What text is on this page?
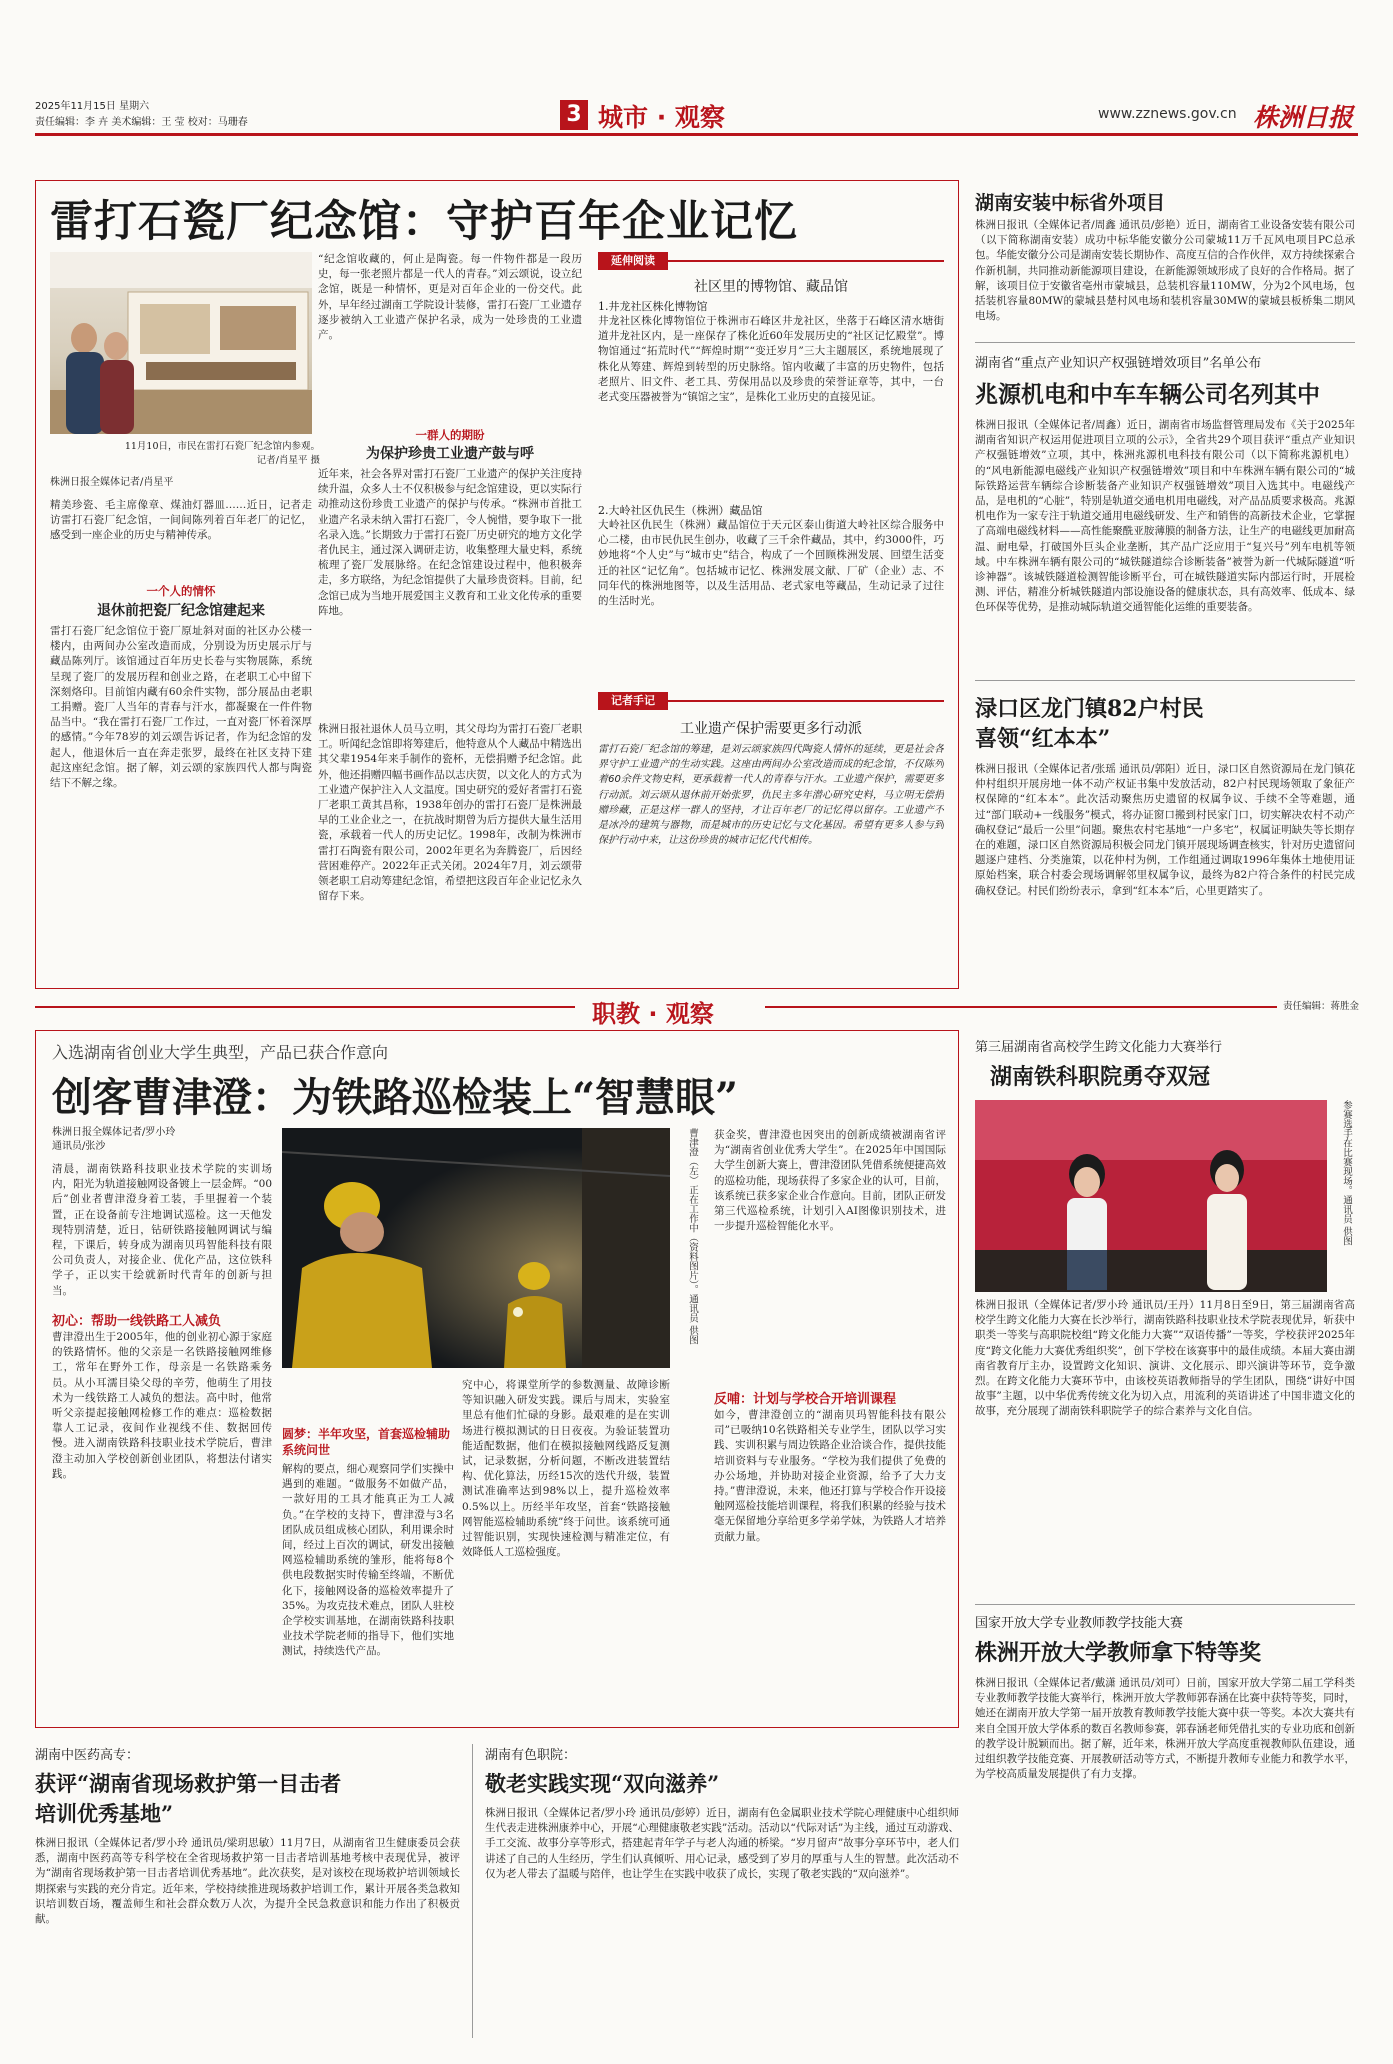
2025年11月15日 星期六
责任编辑：李 卉 美术编辑：王 莹 校对：马珊春	3 城市 · 观察	www.zznews.gov.cn 株洲日报
雷打石瓷厂纪念馆：守护百年企业记忆
11月10日，市民在雷打石瓷厂纪念馆内参观。
记者/肖星平 摄
株洲日报全媒体记者/肖星平
精美珍瓷、毛主席像章、煤油灯器皿……近日，记者走访雷打石瓷厂纪念馆，一间间陈列着百年老厂的记忆，感受到一座企业的历史与精神传承。
一个人的情怀
退休前把瓷厂纪念馆建起来
雷打石瓷厂纪念馆位于瓷厂原址斜对面的社区办公楼一楼内，由两间办公室改造而成，分别设为历史展示厅与藏品陈列厅。该馆通过百年历史长卷与实物展陈，系统呈现了瓷厂的发展历程和创业之路，在老职工心中留下深刻烙印。目前馆内藏有60余件实物，部分展品由老职工捐赠。瓷厂人当年的青春与汗水，都凝聚在一件件物品当中。“我在雷打石瓷厂工作过，一直对瓷厂怀着深厚的感情。”今年78岁的刘云颂告诉记者，作为纪念馆的发起人，他退休后一直在奔走张罗，最终在社区支持下建起这座纪念馆。据了解，刘云颂的家族四代人都与陶瓷结下不解之缘。
“纪念馆收藏的，何止是陶瓷。每一件物件都是一段历史，每一张老照片都是一代人的青春。”刘云颂说，设立纪念馆，既是一种情怀，更是对百年企业的一份交代。此外，早年经过湖南工学院设计装修，雷打石瓷厂工业遗存逐步被纳入工业遗产保护名录，成为一处珍贵的工业遗产。
一群人的期盼
为保护珍贵工业遗产鼓与呼
近年来，社会各界对雷打石瓷厂工业遗产的保护关注度持续升温，众多人士不仅积极参与纪念馆建设，更以实际行动推动这份珍贵工业遗产的保护与传承。“株洲市首批工业遗产名录未纳入雷打石瓷厂，令人惋惜，要争取下一批名录入选。”长期致力于雷打石瓷厂历史研究的地方文化学者仇民主，通过深入调研走访，收集整理大量史料，系统梳理了瓷厂发展脉络。在纪念馆建设过程中，他积极奔走，多方联络，为纪念馆提供了大量珍贵资料。目前，纪念馆已成为当地开展爱国主义教育和工业文化传承的重要阵地。
株洲日报社退休人员马立明，其父母均为雷打石瓷厂老职工。听闻纪念馆即将筹建后，他特意从个人藏品中精选出其父辈1954年来手制作的瓷杯，无偿捐赠予纪念馆。此外，他还捐赠四幅书画作品以志庆贺，以文化人的方式为工业遗产保护注入人文温度。国史研究的爱好者雷打石瓷厂老职工黄其昌称，1938年创办的雷打石瓷厂是株洲最早的工业企业之一，在抗战时期曾为后方提供大量生活用瓷，承载着一代人的历史记忆。1998年，改制为株洲市雷打石陶瓷有限公司，2002年更名为奔腾瓷厂，后因经营困难停产。2022年正式关闭。2024年7月，刘云颂带领老职工启动筹建纪念馆，希望把这段百年企业记忆永久留存下来。
延伸阅读
社区里的博物馆、藏品馆
1.井龙社区株化博物馆
井龙社区株化博物馆位于株洲市石峰区井龙社区，坐落于石峰区清水塘街道井龙社区内，是一座保存了株化近60年发展历史的“社区记忆殿堂”。博物馆通过“拓荒时代”“辉煌时期”“变迁岁月”三大主题展区，系统地展现了株化从筹建、辉煌到转型的历史脉络。馆内收藏了丰富的历史物件，包括老照片、旧文件、老工具、劳保用品以及珍贵的荣誉证章等，其中，一台老式变压器被誉为“镇馆之宝”，是株化工业历史的直接见证。
2.大岭社区仇民生（株洲）藏品馆
大岭社区仇民生（株洲）藏品馆位于天元区泰山街道大岭社区综合服务中心二楼，由市民仇民生创办，收藏了三千余件藏品，其中，约3000件，巧妙地将“个人史”与“城市史”结合，构成了一个回顾株洲发展、回望生活变迁的社区“记忆角”。包括城市记忆、株洲发展文献、厂矿（企业）志、不同年代的株洲地图等，以及生活用品、老式家电等藏品，生动记录了过往的生活时光。
记者手记
工业遗产保护需要更多行动派
雷打石瓷厂纪念馆的筹建，是刘云颂家族四代陶瓷人情怀的延续，更是社会各界守护工业遗产的生动实践。这座由两间办公室改造而成的纪念馆，不仅陈列着60余件文物史料，更承载着一代人的青春与汗水。工业遗产保护，需要更多行动派。刘云颂从退休前开始张罗，仇民主多年潜心研究史料，马立明无偿捐赠珍藏，正是这样一群人的坚持，才让百年老厂的记忆得以留存。工业遗产不是冰冷的建筑与器物，而是城市的历史记忆与文化基因。希望有更多人参与到保护行动中来，让这份珍贵的城市记忆代代相传。
湖南安装中标省外项目
株洲日报讯（全媒体记者/周鑫 通讯员/彭艳）近日，湖南省工业设备安装有限公司（以下简称湖南安装）成功中标华能安徽分公司蒙城11万千瓦风电项目PC总承包。华能安徽分公司是湖南安装长期协作、高度互信的合作伙伴，双方持续探索合作新机制，共同推动新能源项目建设，在新能源领域形成了良好的合作格局。据了解，该项目位于安徽省亳州市蒙城县，总装机容量110MW，分为2个风电场，包括装机容量80MW的蒙城县楚村风电场和装机容量30MW的蒙城县板桥集二期风电场。
湖南省“重点产业知识产权强链增效项目”名单公布
兆源机电和中车车辆公司名列其中
株洲日报讯（全媒体记者/周鑫）近日，湖南省市场监督管理局发布《关于2025年湖南省知识产权运用促进项目立项的公示》，全省共29个项目获评“重点产业知识产权强链增效”立项，其中，株洲兆源机电科技有限公司（以下简称兆源机电）的“风电新能源电磁线产业知识产权强链增效”项目和中车株洲车辆有限公司的“城际铁路运营车辆综合诊断装备产业知识产权强链增效”项目入选其中。电磁线产品，是电机的“心脏”，特别是轨道交通电机用电磁线，对产品品质要求极高。兆源机电作为一家专注于轨道交通用电磁线研发、生产和销售的高新技术企业，它掌握了高端电磁线材料——高性能聚酰亚胺薄膜的制备方法，让生产的电磁线更加耐高温、耐电晕，打破国外巨头企业垄断，其产品广泛应用于“复兴号”列车电机等领域。中车株洲车辆有限公司的“城铁隧道综合诊断装备”被誉为新一代城际隧道“听诊神器”。该城铁隧道检测智能诊断平台，可在城铁隧道实际内部运行时，开展检测、评估，精准分析城铁隧道内部设施设备的健康状态，具有高效率、低成本、绿色环保等优势，是推动城际轨道交通智能化运维的重要装备。
渌口区龙门镇82户村民
喜领“红本本”
株洲日报讯（全媒体记者/张瑶 通讯员/郭阳）近日，渌口区自然资源局在龙门镇花仲村组织开展房地一体不动产权证书集中发放活动，82户村民现场领取了象征产权保障的“红本本”。此次活动聚焦历史遗留的权属争议、手续不全等难题，通过“部门联动+一线服务”模式，将办证窗口搬到村民家门口，切实解决农村不动产确权登记“最后一公里”问题。聚焦农村宅基地“一户多宅”，权属证明缺失等长期存在的难题，渌口区自然资源局积极会同龙门镇开展现场调查核实，针对历史遗留问题逐户建档、分类施策，以花仲村为例，工作组通过调取1996年集体土地使用证原始档案，联合村委会现场调解邻里权属争议，最终为82户符合条件的村民完成确权登记。村民们纷纷表示，拿到“红本本”后，心里更踏实了。
职教 · 观察	责任编辑：蒋胜金
入选湖南省创业大学生典型，产品已获合作意向
创客曹津澄：为铁路巡检装上“智慧眼”
株洲日报全媒体记者/罗小玲
通讯员/张沙
清晨，湖南铁路科技职业技术学院的实训场内，阳光为轨道接触网设备镀上一层金辉。“00后”创业者曹津澄身着工装，手里握着一个装置，正在设备前专注地调试巡检。这一天他发现特别清楚，近日，钻研铁路接触网调试与编程，下课后，转身成为湖南贝玛智能科技有限公司负责人，对接企业、优化产品，这位铁科学子，正以实干绘就新时代青年的创新与担当。
初心：帮助一线铁路工人减负
曹津澄出生于2005年，他的创业初心源于家庭的铁路情怀。他的父亲是一名铁路接触网维修工，常年在野外工作，母亲是一名铁路乘务员。从小耳濡目染父母的辛劳，他萌生了用技术为一线铁路工人减负的想法。高中时，他常听父亲提起接触网检修工作的难点：巡检数据靠人工记录，夜间作业视线不佳、数据回传慢。进入湖南铁路科技职业技术学院后，曹津澄主动加入学校创新创业团队，将想法付诸实践。
曹津澄（左）正在工作中（资料图片）。通讯员 供图
圆梦：半年攻坚，首套巡检辅助系统问世
解构的要点，细心观察同学们实操中遇到的难题。“做服务不如做产品，一款好用的工具才能真正为工人减负。”在学校的支持下，曹津澄与3名团队成员组成核心团队，利用课余时间，经过上百次的调试，研发出接触网巡检辅助系统的雏形，能将每8个供电段数据实时传输至终端，不断优化下，接触网设备的巡检效率提升了35%。为攻克技术难点，团队人驻校企学校实训基地，在湖南铁路科技职业技术学院老师的指导下，他们实地测试，持续迭代产品。
究中心，将课堂所学的参数测量、故障诊断等知识融入研发实践。课后与周末，实验室里总有他们忙碌的身影。最艰难的是在实训场进行模拟测试的日日夜夜。为验证装置功能适配数据，他们在模拟接触网线路反复测试，记录数据，分析问题，不断改进装置结构、优化算法，历经15次的迭代升级，装置测试准确率达到98%以上，提升巡检效率0.5%以上。历经半年攻坚，首套“铁路接触网智能巡检辅助系统”终于问世。该系统可通过智能识别，实现快速检测与精准定位，有效降低人工巡检强度。
获金奖，曹津澄也因突出的创新成绩被湖南省评为“湖南省创业优秀大学生”。在2025年中国国际大学生创新大赛上，曹津澄团队凭借系统便捷高效的巡检功能，现场获得了多家企业的认可，目前，该系统已获多家企业合作意向。目前，团队正研发第三代巡检系统，计划引入AI图像识别技术，进一步提升巡检智能化水平。
反哺：计划与学校合开培训课程
如今，曹津澄创立的“湖南贝玛智能科技有限公司”已吸纳10名铁路相关专业学生，团队以学习实践、实训积累与周边铁路企业洽谈合作，提供技能培训资料与专业服务。“学校为我们提供了免费的办公场地，并协助对接企业资源，给予了大力支持。”曹津澄说，未来，他还打算与学校合作开设接触网巡检技能培训课程，将我们积累的经验与技术毫无保留地分享给更多学弟学妹，为铁路人才培养贡献力量。
第三届湖南省高校学生跨文化能力大赛举行
湖南铁科职院勇夺双冠
参赛选手在比赛现场。通讯员 供图
株洲日报讯（全媒体记者/罗小玲 通讯员/王丹）11月8日至9日，第三届湖南省高校学生跨文化能力大赛在长沙举行，湖南铁路科技职业技术学院表现优异，斩获中职类一等奖与高职院校组“跨文化能力大赛”“双语传播”一等奖，学校获评2025年度“跨文化能力大赛优秀组织奖”，创下学校在该赛事中的最佳成绩。本届大赛由湖南省教育厅主办，设置跨文化知识、演讲、文化展示、即兴演讲等环节，竞争激烈。在跨文化能力大赛环节中，由该校英语教师指导的学生团队，围绕“讲好中国故事”主题，以中华优秀传统文化为切入点，用流利的英语讲述了中国非遗文化的故事，充分展现了湖南铁科职院学子的综合素养与文化自信。
国家开放大学专业教师教学技能大赛
株洲开放大学教师拿下特等奖
株洲日报讯（全媒体记者/戴潇 通讯员/刘可）日前，国家开放大学第二届工学科类专业教师教学技能大赛举行，株洲开放大学教师郭春涵在比赛中获特等奖，同时，她还在湖南开放大学第一届开放教育教师教学技能大赛中获一等奖。本次大赛共有来自全国开放大学体系的数百名教师参赛，郭春涵老师凭借扎实的专业功底和创新的教学设计脱颖而出。据了解，近年来，株洲开放大学高度重视教师队伍建设，通过组织教学技能竞赛、开展教研活动等方式，不断提升教师专业能力和教学水平，为学校高质量发展提供了有力支撑。
湖南中医药高专：
获评“湖南省现场救护第一目击者
培训优秀基地”
株洲日报讯（全媒体记者/罗小玲 通讯员/梁玥思敏）11月7日，从湖南省卫生健康委员会获悉，湖南中医药高等专科学校在全省现场救护第一目击者培训基地考核中表现优异，被评为“湖南省现场救护第一目击者培训优秀基地”。此次获奖，是对该校在现场救护培训领域长期探索与实践的充分肯定。近年来，学校持续推进现场救护培训工作，累计开展各类急救知识培训数百场，覆盖师生和社会群众数万人次，为提升全民急救意识和能力作出了积极贡献。
湖南有色职院：
敬老实践实现“双向滋养”
株洲日报讯（全媒体记者/罗小玲 通讯员/彭婷）近日，湖南有色金属职业技术学院心理健康中心组织师生代表走进株洲康养中心，开展“心理健康敬老实践”活动。活动以“代际对话”为主线，通过互动游戏、手工交流、故事分享等形式，搭建起青年学子与老人沟通的桥梁。“岁月留声”故事分享环节中，老人们讲述了自己的人生经历，学生们认真倾听、用心记录，感受到了岁月的厚重与人生的智慧。此次活动不仅为老人带去了温暖与陪伴，也让学生在实践中收获了成长，实现了敬老实践的“双向滋养”。
